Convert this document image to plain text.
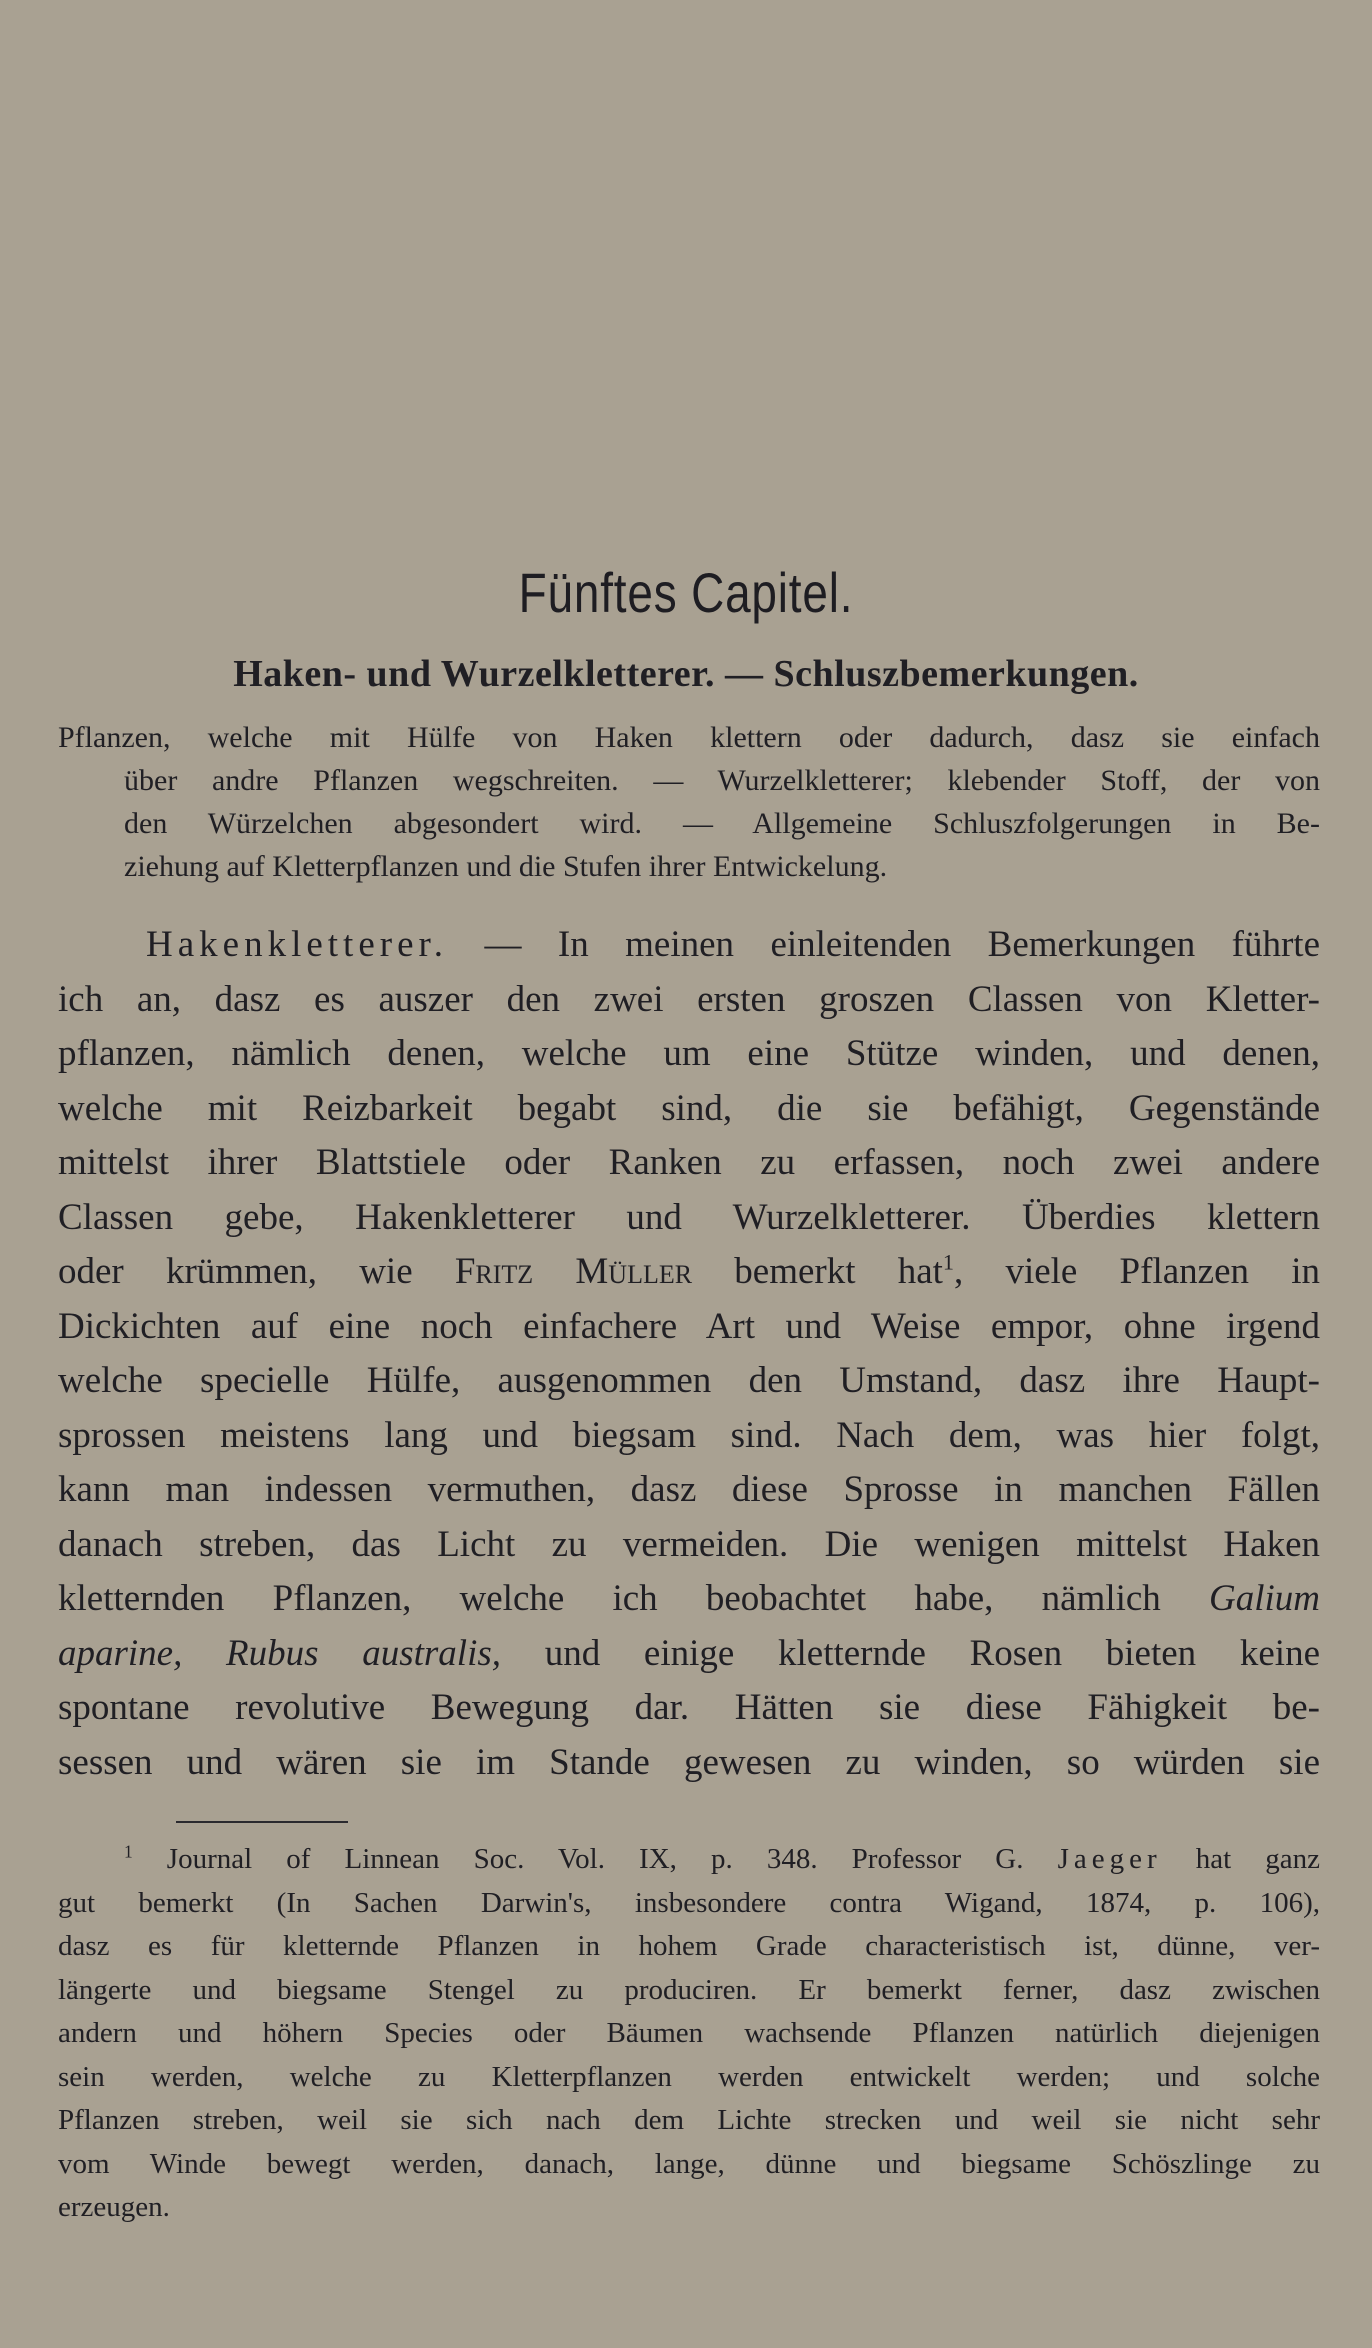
Fünftes Capitel.
Haken- und Wurzelkletterer. — Schluszbemerkungen.
Pflanzen, welche mit Hülfe von Haken klettern oder dadurch, dasz sie einfach
über andre Pflanzen wegschreiten. — Wurzelkletterer; klebender Stoff, der von
den Würzelchen abgesondert wird. — Allgemeine Schluszfolgerungen in Be-
ziehung auf Kletterpflanzen und die Stufen ihrer Entwickelung.
Hakenkletterer. — In meinen einleitenden Bemerkungen führte
ich an, dasz es auszer den zwei ersten groszen Classen von Kletter-
pflanzen, nämlich denen, welche um eine Stütze winden, und denen,
welche mit Reizbarkeit begabt sind, die sie befähigt, Gegenstände
mittelst ihrer Blattstiele oder Ranken zu erfassen, noch zwei andere
Classen gebe, Hakenkletterer und Wurzelkletterer. Überdies klettern
oder krümmen, wie Fritz Müller bemerkt hat$^1$, viele Pflanzen in
Dickichten auf eine noch einfachere Art und Weise empor, ohne irgend
welche specielle Hülfe, ausgenommen den Umstand, dasz ihre Haupt-
sprossen meistens lang und biegsam sind. Nach dem, was hier folgt,
kann man indessen vermuthen, dasz diese Sprosse in manchen Fällen
danach streben, das Licht zu vermeiden. Die wenigen mittelst Haken
kletternden Pflanzen, welche ich beobachtet habe, nämlich Galium
aparine, Rubus australis, und einige kletternde Rosen bieten keine
spontane revolutive Bewegung dar. Hätten sie diese Fähigkeit be-
sessen und wären sie im Stande gewesen zu winden, so würden sie
$^1$ Journal of Linnean Soc. Vol. IX, p. 348. Professor G. Jaeger hat ganz
gut bemerkt (In Sachen Darwin's, insbesondere contra Wigand, 1874, p. 106),
dasz es für kletternde Pflanzen in hohem Grade characteristisch ist, dünne, ver-
längerte und biegsame Stengel zu produciren. Er bemerkt ferner, dasz zwischen
andern und höhern Species oder Bäumen wachsende Pflanzen natürlich diejenigen
sein werden, welche zu Kletterpflanzen werden entwickelt werden; und solche
Pflanzen streben, weil sie sich nach dem Lichte strecken und weil sie nicht sehr
vom Winde bewegt werden, danach, lange, dünne und biegsame Schöszlinge zu
erzeugen.
